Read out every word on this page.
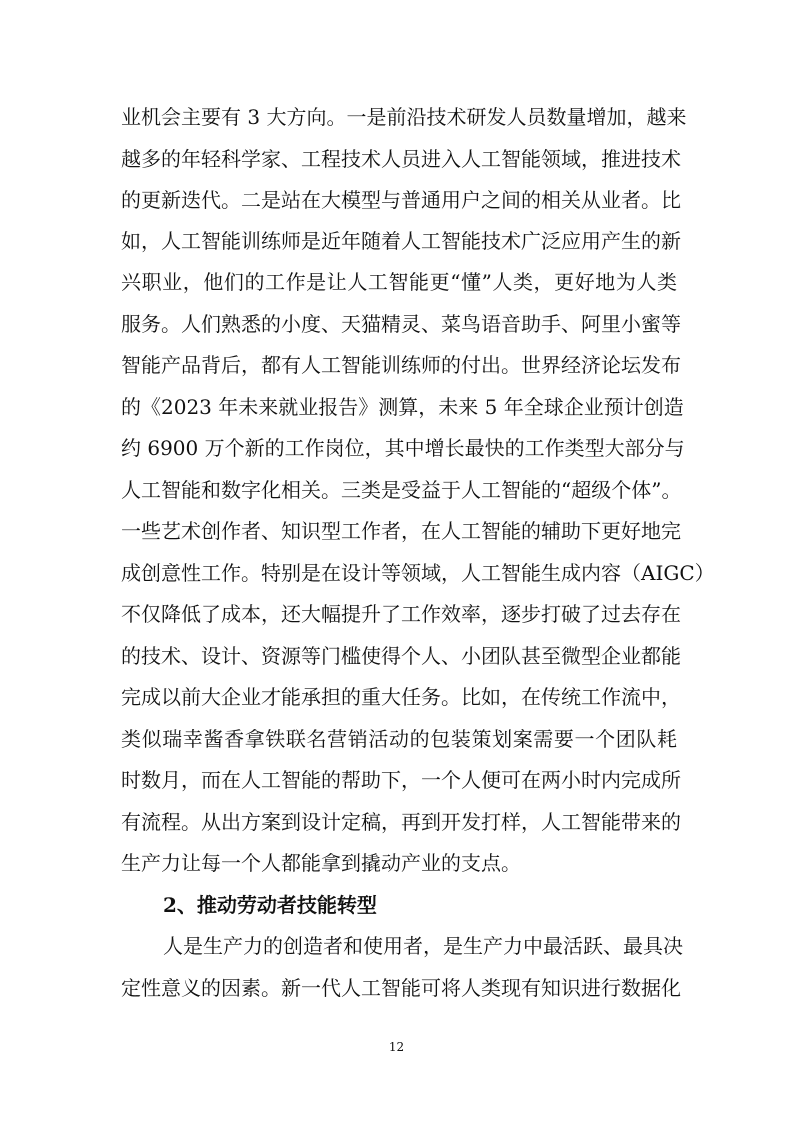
业机会主要有 3 大方向。一是前沿技术研发人员数量增加，越来
越多的年轻科学家、工程技术人员进入人工智能领域，推进技术
的更新迭代。二是站在大模型与普通用户之间的相关从业者。比
如，人工智能训练师是近年随着人工智能技术广泛应用产生的新
兴职业，他们的工作是让人工智能更“懂”人类，更好地为人类
服务。人们熟悉的小度、天猫精灵、菜鸟语音助手、阿里小蜜等
智能产品背后，都有人工智能训练师的付出。世界经济论坛发布
的《2023 年未来就业报告》测算，未来 5 年全球企业预计创造
约 6900 万个新的工作岗位，其中增长最快的工作类型大部分与
人工智能和数字化相关。三类是受益于人工智能的“超级个体”。
一些艺术创作者、知识型工作者，在人工智能的辅助下更好地完
成创意性工作。特别是在设计等领域，人工智能生成内容（AIGC）
不仅降低了成本，还大幅提升了工作效率，逐步打破了过去存在
的技术、设计、资源等门槛使得个人、小团队甚至微型企业都能
完成以前大企业才能承担的重大任务。比如，在传统工作流中，
类似瑞幸酱香拿铁联名营销活动的包装策划案需要一个团队耗
时数月，而在人工智能的帮助下，一个人便可在两小时内完成所
有流程。从出方案到设计定稿，再到开发打样，人工智能带来的
生产力让每一个人都能拿到撬动产业的支点。
2、推动劳动者技能转型
人是生产力的创造者和使用者，是生产力中最活跃、最具决
定性意义的因素。新一代人工智能可将人类现有知识进行数据化
12
